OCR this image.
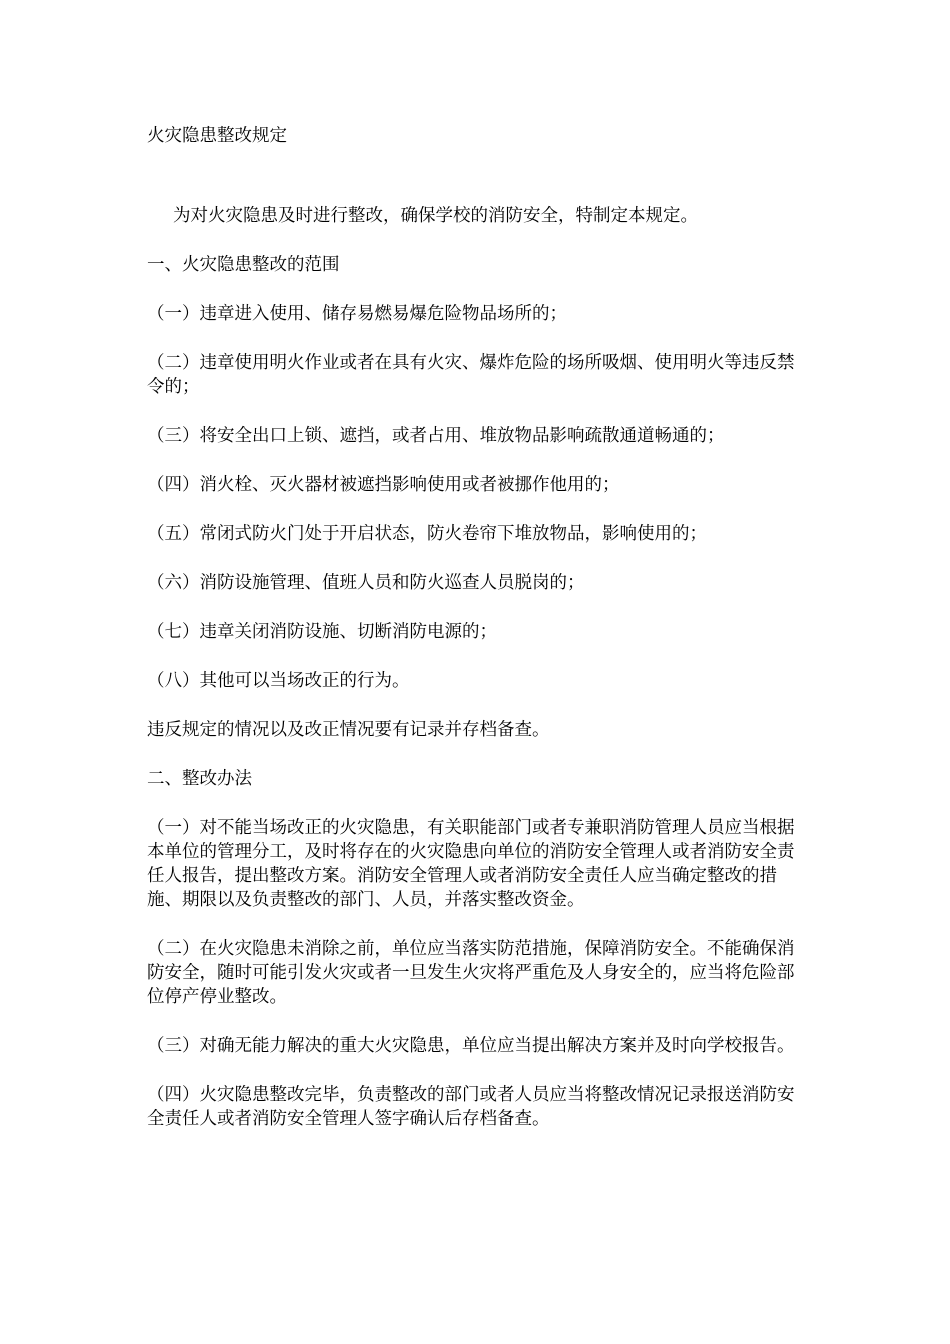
火灾隐患整改规定

为对火灾隐患及时进行整改，确保学校的消防安全，特制定本规定。

一、火灾隐患整改的范围

（一）违章进入使用、储存易燃易爆危险物品场所的；

（二）违章使用明火作业或者在具有火灾、爆炸危险的场所吸烟、使用明火等违反禁令的；

（三）将安全出口上锁、遮挡，或者占用、堆放物品影响疏散通道畅通的；

（四）消火栓、灭火器材被遮挡影响使用或者被挪作他用的；

（五）常闭式防火门处于开启状态，防火卷帘下堆放物品，影响使用的；

（六）消防设施管理、值班人员和防火巡查人员脱岗的；

（七）违章关闭消防设施、切断消防电源的；

（八）其他可以当场改正的行为。

违反规定的情况以及改正情况要有记录并存档备查。

二、整改办法

（一）对不能当场改正的火灾隐患，有关职能部门或者专兼职消防管理人员应当根据本单位的管理分工，及时将存在的火灾隐患向单位的消防安全管理人或者消防安全责任人报告，提出整改方案。消防安全管理人或者消防安全责任人应当确定整改的措施、期限以及负责整改的部门、人员，并落实整改资金。

（二）在火灾隐患未消除之前，单位应当落实防范措施，保障消防安全。不能确保消防安全，随时可能引发火灾或者一旦发生火灾将严重危及人身安全的，应当将危险部位停产停业整改。

（三）对确无能力解决的重大火灾隐患，单位应当提出解决方案并及时向学校报告。

（四）火灾隐患整改完毕，负责整改的部门或者人员应当将整改情况记录报送消防安全责任人或者消防安全管理人签字确认后存档备查。
